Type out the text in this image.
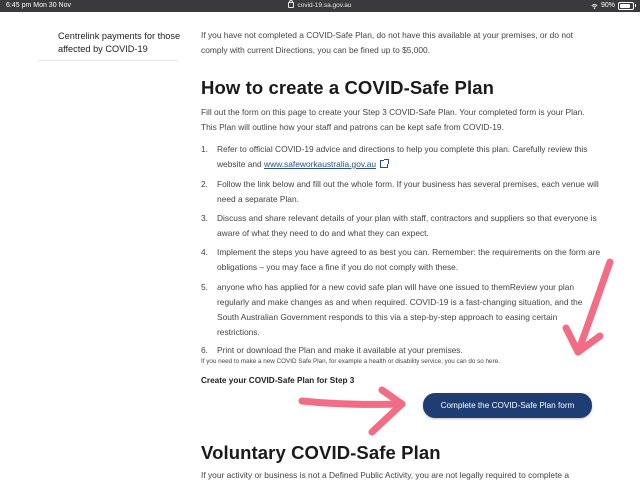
6:45 pm Mon 30 Nov	covid-19.sa.gov.au	90%
Centrelink payments for those affected by COVID-19

If you have not completed a COVID-Safe Plan, do not have this available at your premises, or do not comply with current Directions, you can be fined up to $5,000.

How to create a COVID-Safe Plan

Fill out the form on this page to create your Step 3 COVID-Safe Plan. Your completed form is your Plan. This Plan will outline how your staff and patrons can be kept safe from COVID-19.

1. Refer to official COVID-19 advice and directions to help you complete this plan. Carefully review this website and www.safeworkaustralia.gov.au
2. Follow the link below and fill out the whole form. If your business has several premises, each venue will need a separate Plan.
3. Discuss and share relevant details of your plan with staff, contractors and suppliers so that everyone is aware of what they need to do and what they can expect.
4. Implement the steps you have agreed to as best you can. Remember: the requirements on the form are obligations – you may face a fine if you do not comply with these.
5. anyone who has applied for a new covid safe plan will have one issued to themReview your plan regularly and make changes as and when required. COVID-19 is a fast-changing situation, and the South Australian Government responds to this via a step-by-step approach to easing certain restrictions.
6. Print or download the Plan and make it available at your premises.

If you need to make a new COVID Safe Plan, for example a health or disability service, you can do so here.

Create your COVID-Safe Plan for Step 3
Complete the COVID-Safe Plan form
Voluntary COVID-Safe Plan
If your activity or business is not a Defined Public Activity, you are not legally required to complete a
